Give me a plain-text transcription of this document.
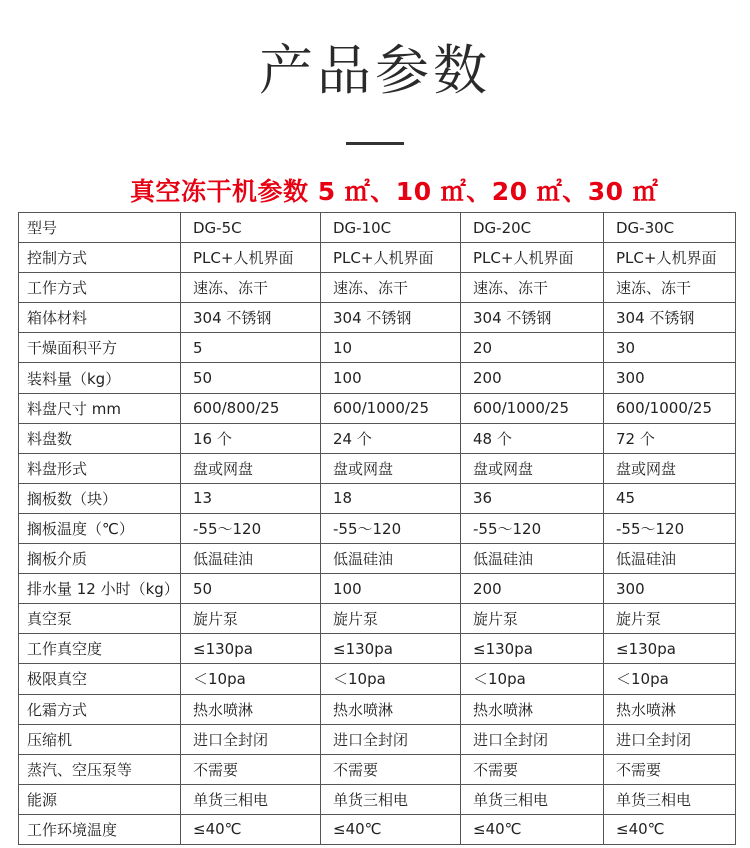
产品参数
真空冻干机参数 5 ㎡、10 ㎡、20 ㎡、30 ㎡
型号	DG-5C	DG-10C	DG-20C	DG-30C
控制方式	PLC+人机界面	PLC+人机界面	PLC+人机界面	PLC+人机界面
工作方式	速冻、冻干	速冻、冻干	速冻、冻干	速冻、冻干
箱体材料	304 不锈钢	304 不锈钢	304 不锈钢	304 不锈钢
干燥面积平方	5	10	20	30
装料量（kg）	50	100	200	300
料盘尺寸 mm	600/800/25	600/1000/25	600/1000/25	600/1000/25
料盘数	16 个	24 个	48 个	72 个
料盘形式	盘或网盘	盘或网盘	盘或网盘	盘或网盘
搁板数（块）	13	18	36	45
搁板温度（℃）	-55～120	-55～120	-55～120	-55～120
搁板介质	低温硅油	低温硅油	低温硅油	低温硅油
排水量 12 小时（kg）	50	100	200	300
真空泵	旋片泵	旋片泵	旋片泵	旋片泵
工作真空度	≤130pa	≤130pa	≤130pa	≤130pa
极限真空	＜10pa	＜10pa	＜10pa	＜10pa
化霜方式	热水喷淋	热水喷淋	热水喷淋	热水喷淋
压缩机	进口全封闭	进口全封闭	进口全封闭	进口全封闭
蒸汽、空压泵等	不需要	不需要	不需要	不需要
能源	单货三相电	单货三相电	单货三相电	单货三相电
工作环境温度	≤40℃	≤40℃	≤40℃	≤40℃
